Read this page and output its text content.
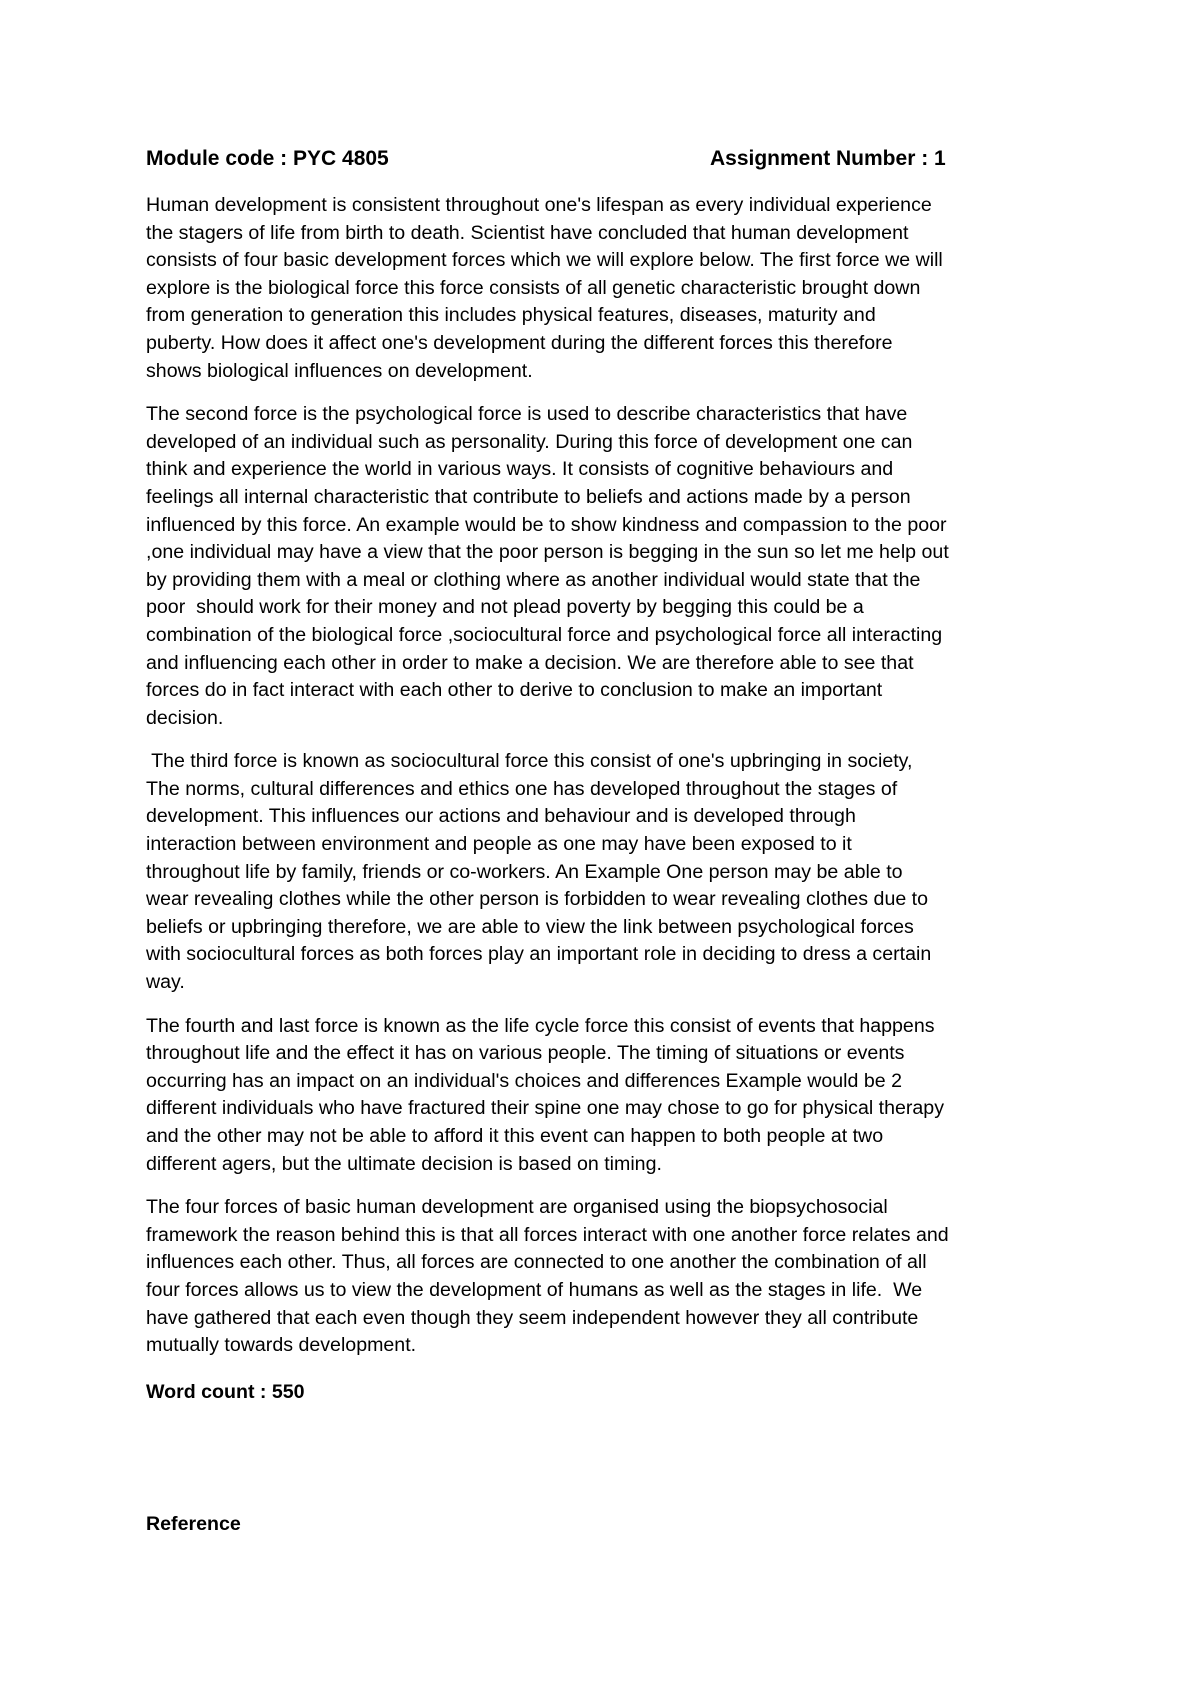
Module code : PYC 4805	Assignment Number : 1

Human development is consistent throughout one's lifespan as every individual experience
the stagers of life from birth to death. Scientist have concluded that human development
consists of four basic development forces which we will explore below. The first force we will
explore is the biological force this force consists of all genetic characteristic brought down
from generation to generation this includes physical features, diseases, maturity and
puberty. How does it affect one's development during the different forces this therefore
shows biological influences on development.

The second force is the psychological force is used to describe characteristics that have
developed of an individual such as personality. During this force of development one can
think and experience the world in various ways. It consists of cognitive behaviours and
feelings all internal characteristic that contribute to beliefs and actions made by a person
influenced by this force. An example would be to show kindness and compassion to the poor
,one individual may have a view that the poor person is begging in the sun so let me help out
by providing them with a meal or clothing where as another individual would state that the
poor  should work for their money and not plead poverty by begging this could be a
combination of the biological force ,sociocultural force and psychological force all interacting
and influencing each other in order to make a decision. We are therefore able to see that
forces do in fact interact with each other to derive to conclusion to make an important
decision.

The third force is known as sociocultural force this consist of one's upbringing in society,
The norms, cultural differences and ethics one has developed throughout the stages of
development. This influences our actions and behaviour and is developed through
interaction between environment and people as one may have been exposed to it
throughout life by family, friends or co-workers. An Example One person may be able to
wear revealing clothes while the other person is forbidden to wear revealing clothes due to
beliefs or upbringing therefore, we are able to view the link between psychological forces
with sociocultural forces as both forces play an important role in deciding to dress a certain
way.

The fourth and last force is known as the life cycle force this consist of events that happens
throughout life and the effect it has on various people. The timing of situations or events
occurring has an impact on an individual's choices and differences Example would be 2
different individuals who have fractured their spine one may chose to go for physical therapy
and the other may not be able to afford it this event can happen to both people at two
different agers, but the ultimate decision is based on timing.

The four forces of basic human development are organised using the biopsychosocial
framework the reason behind this is that all forces interact with one another force relates and
influences each other. Thus, all forces are connected to one another the combination of all
four forces allows us to view the development of humans as well as the stages in life.  We
have gathered that each even though they seem independent however they all contribute
mutually towards development.

Word count : 550
Reference
